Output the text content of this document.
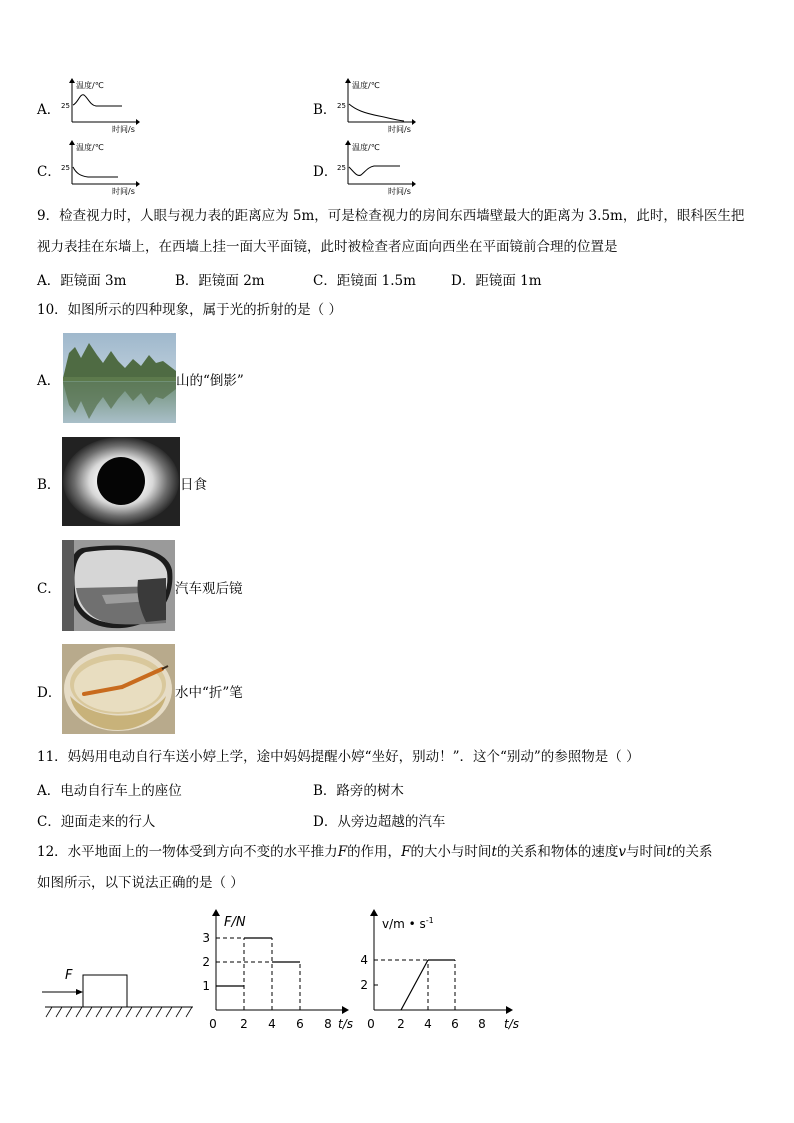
A．
温度/℃
时间/s
25	B．
温度/℃
时间/s
25
C．
温度/℃
时间/s
25	D．
温度/℃
时间/s
25
9．检查视力时，人眼与视力表的距离应为 5m，可是检查视力的房间东西墙壁最大的距离为 3.5m，此时，眼科医生把
视力表挂在东墙上，在西墙上挂一面大平面镜，此时被检查者应面向西坐在平面镜前合理的位置是
A．距镜面 3m	B．距镜面 2m	C．距镜面 1.5m	D．距镜面 1m
10．如图所示的四种现象，属于光的折射的是（ ）
A．	山的“倒影”
B．	日食
C．	汽车观后镜
D．	水中“折”笔
11．妈妈用电动自行车送小婷上学，途中妈妈提醒小婷“坐好，别动！”．这个“别动”的参照物是（ ）
A．电动自行车上的座位	B．路旁的树木
C．迎面走来的行人	D．从旁边超越的汽车
12．水平地面上的一物体受到方向不变的水平推力F的作用，F的大小与时间t的关系和物体的速度v与时间t的关系
如图所示，以下说法正确的是（ ）
F
F/N
t/s
0 2 4 6 8
1
2
3
v/m • $s^{-1}$
t/s
0 2 4 6 8
2
4
